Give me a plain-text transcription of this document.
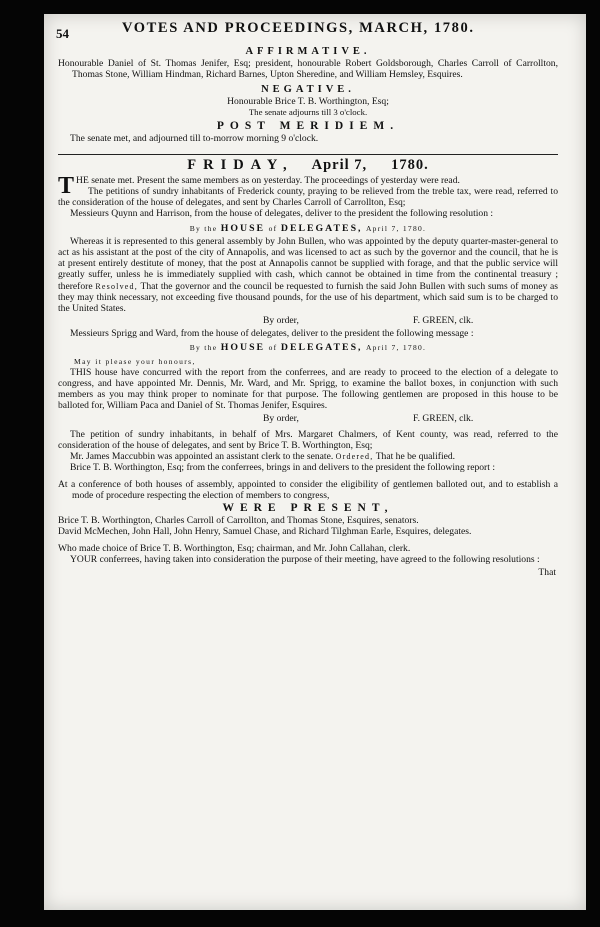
54	VOTES AND PROCEEDINGS, MARCH, 1780.
AFFIRMATIVE.

Honourable Daniel of St. Thomas Jenifer, Esq; president, honourable Robert Goldsborough, Charles Carroll of Carrollton, Thomas Stone, William Hindman, Richard Barnes, Upton Sheredine, and William Hemsley, Esquires.

NEGATIVE.

Honourable Brice T. B. Worthington, Esq;

The senate adjourns till 3 o'clock.

POST MERIDIEM.

The senate met, and adjourned till to-morrow morning 9 o'clock.

FRIDAY, April 7, 1780.

THE senate met. Present the same members as on yesterday. The proceedings of yesterday were read.

The petitions of sundry inhabitants of Frederick county, praying to be relieved from the treble tax, were read, referred to the consideration of the house of delegates, and sent by Charles Carroll of Carrollton, Esq;

Messieurs Quynn and Harrison, from the house of delegates, deliver to the president the following resolution :

By the HOUSE of DELEGATES, April 7, 1780.

Whereas it is represented to this general assembly by John Bullen, who was appointed by the deputy quarter-master-general to act as his assistant at the post of the city of Annapolis, and was licensed to act as such by the governor and the council, that he is at present entirely destitute of money, that the post at Annapolis cannot be supplied with forage, and that the public service will greatly suffer, unless he is immediately supplied with cash, which cannot be obtained in time from the continental treasury ; therefore Resolved, That the governor and the council be requested to furnish the said John Bullen with such sums of money as they may think necessary, not exceeding five thousand pounds, for the use of his department, which said sum is to be charged to the United States.

By order,	F. GREEN, clk.

Messieurs Sprigg and Ward, from the house of delegates, deliver to the president the following message :

By the HOUSE of DELEGATES, April 7, 1780.
May it please your honours,

THIS house have concurred with the report from the conferrees, and are ready to proceed to the election of a delegate to congress, and have appointed Mr. Dennis, Mr. Ward, and Mr. Sprigg, to examine the ballot boxes, in conjunction with such members as you may think proper to nominate for that purpose. The following gentlemen are proposed in this house to be balloted for, William Paca and Daniel of St. Thomas Jenifer, Esquires.

By order,	F. GREEN, clk.

The petition of sundry inhabitants, in behalf of Mrs. Margaret Chalmers, of Kent county, was read, referred to the consideration of the house of delegates, and sent by Brice T. B. Worthington, Esq;

Mr. James Maccubbin was appointed an assistant clerk to the senate. Ordered, That he be qualified.

Brice T. B. Worthington, Esq; from the conferrees, brings in and delivers to the president the following report :

At a conference of both houses of assembly, appointed to consider the eligibility of gentlemen balloted out, and to establish a mode of procedure respecting the election of members to congress,

WERE PRESENT,

Brice T. B. Worthington, Charles Carroll of Carrollton, and Thomas Stone, Esquires, senators.

David McMechen, John Hall, John Henry, Samuel Chase, and Richard Tilghman Earle, Esquires, delegates.

Who made choice of Brice T. B. Worthington, Esq; chairman, and Mr. John Callahan, clerk.

YOUR conferrees, having taken into consideration the purpose of their meeting, have agreed to the following resolutions :

That
